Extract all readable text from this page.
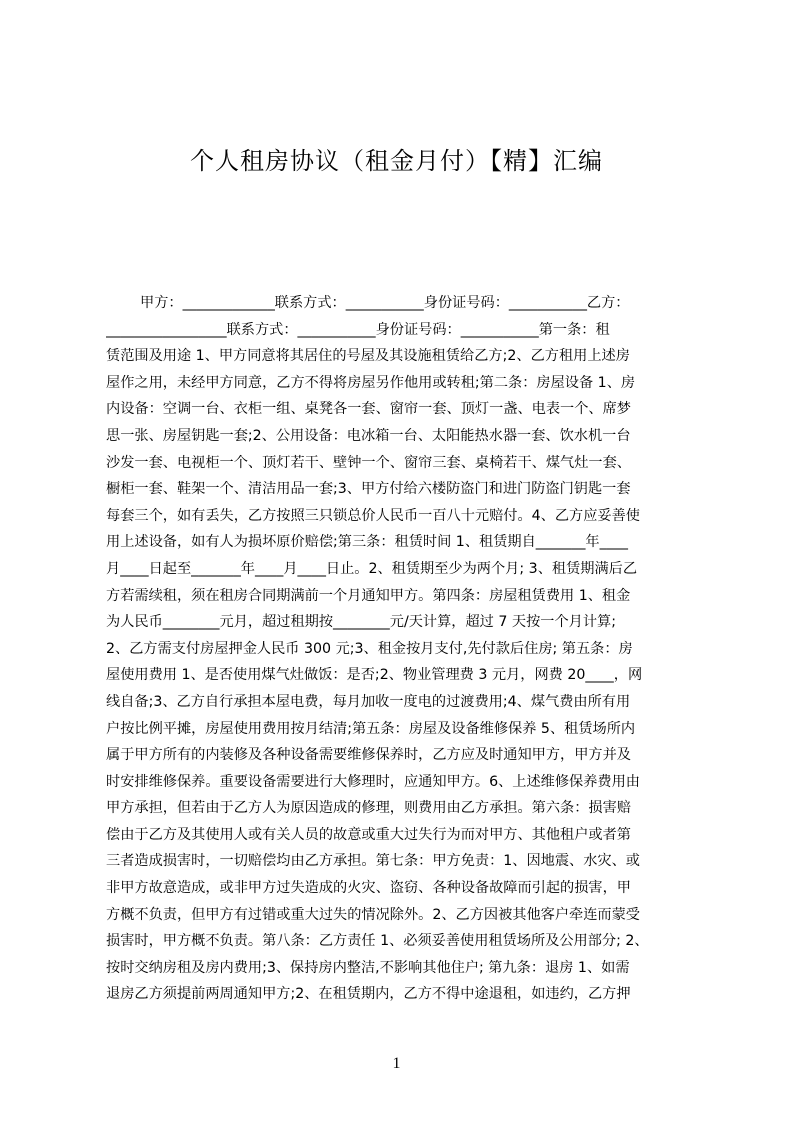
个人租房协议（租金月付）【精】汇编
甲方：_____________联系方式：___________身份证号码：___________乙方：
_________________联系方式：___________身份证号码：___________第一条：租
赁范围及用途 1、甲方同意将其居住的号屋及其设施租赁给乙方;2、乙方租用上述房
屋作之用，未经甲方同意，乙方不得将房屋另作他用或转租;第二条：房屋设备 1、房
内设备：空调一台、衣柜一组、桌凳各一套、窗帘一套、顶灯一盏、电表一个、席梦
思一张、房屋钥匙一套;2、公用设备：电冰箱一台、太阳能热水器一套、饮水机一台
沙发一套、电视柜一个、顶灯若干、壁钟一个、窗帘三套、桌椅若干、煤气灶一套、
橱柜一套、鞋架一个、清洁用品一套;3、甲方付给六楼防盗门和进门防盗门钥匙一套
每套三个，如有丢失，乙方按照三只锁总价人民币一百八十元赔付。4、乙方应妥善使
用上述设备，如有人为损坏原价赔偿;第三条：租赁时间 1、租赁期自_______年____
月____日起至_______年____月____日止。2、租赁期至少为两个月; 3、租赁期满后乙
方若需续租，须在租房合同期满前一个月通知甲方。第四条：房屋租赁费用 1、租金
为人民币________元月，超过租期按________元/天计算，超过 7 天按一个月计算;
2、乙方需支付房屋押金人民币 300 元;3、租金按月支付,先付款后住房; 第五条：房
屋使用费用 1、是否使用煤气灶做饭：是否;2、物业管理费 3 元月，网费 20____，网
线自备;3、乙方自行承担本屋电费，每月加收一度电的过渡费用;4、煤气费由所有用
户按比例平摊，房屋使用费用按月结清;第五条：房屋及设备维修保养 5、租赁场所内
属于甲方所有的内装修及各种设备需要维修保养时，乙方应及时通知甲方，甲方并及
时安排维修保养。重要设备需要进行大修理时，应通知甲方。6、上述维修保养费用由
甲方承担，但若由于乙方人为原因造成的修理，则费用由乙方承担。第六条：损害赔
偿由于乙方及其使用人或有关人员的故意或重大过失行为而对甲方、其他租户或者第
三者造成损害时，一切赔偿均由乙方承担。第七条：甲方免责：1、因地震、水灾、或
非甲方故意造成，或非甲方过失造成的火灾、盗窃、各种设备故障而引起的损害，甲
方概不负责，但甲方有过错或重大过失的情况除外。2、乙方因被其他客户牵连而蒙受
损害时，甲方概不负责。第八条：乙方责任 1、必须妥善使用租赁场所及公用部分; 2、
按时交纳房租及房内费用;3、保持房内整洁,不影响其他住户; 第九条：退房 1、如需
退房乙方须提前两周通知甲方;2、在租赁期内，乙方不得中途退租，如违约，乙方押
1
